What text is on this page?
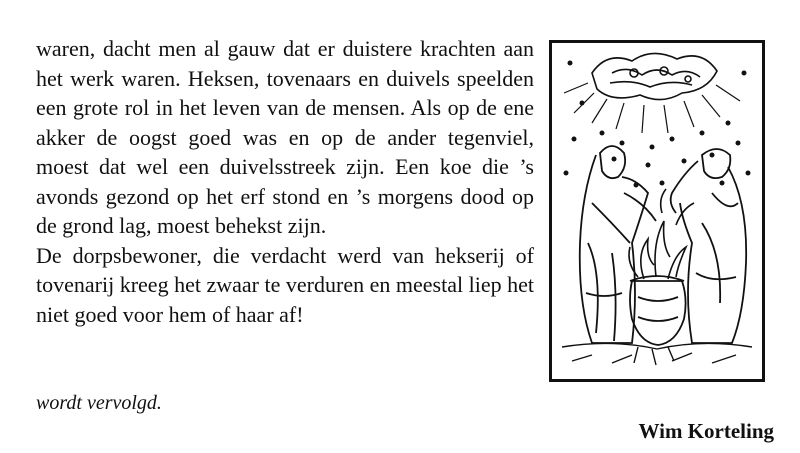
waren, dacht men al gauw dat er duistere krachten aan het werk waren. Heksen, tovenaars en duivels speelden een grote rol in het leven van de mensen. Als op de ene akker de oogst goed was en op de ander tegenviel, moest dat wel een duivelsstreek zijn. Een koe die ’s avonds gezond op het erf stond en ’s morgens dood op de grond lag, moest behekst zijn.

De dorpsbewoner, die verdacht werd van hekserij of tovenarij kreeg het zwaar te verduren en meestal liep het niet goed voor hem of haar af!

wordt vervolgd.
Wim Korteling
